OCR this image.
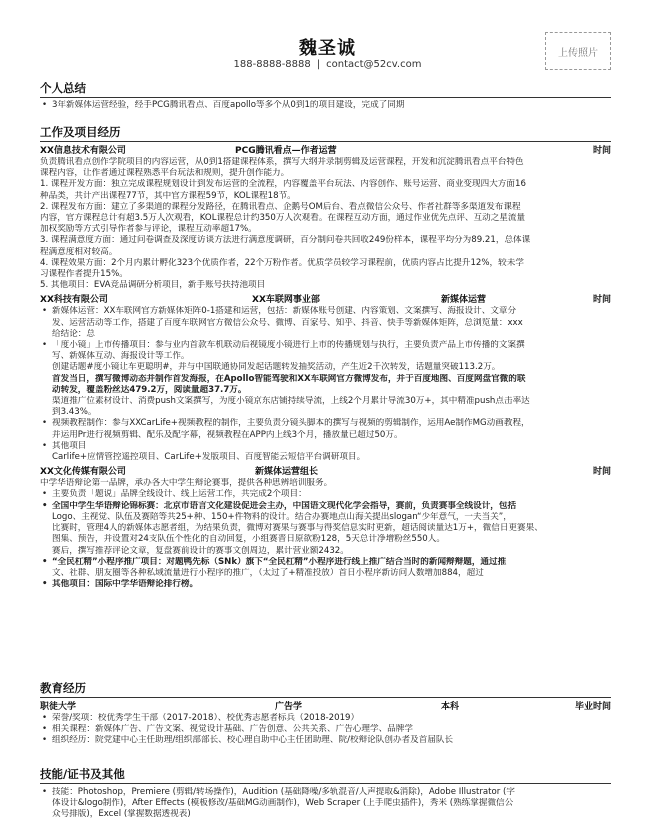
魏圣诚
188-8888-8888 | contact@52cv.com
上传照片
个人总结
• 3年新媒体运营经验，经手PCG腾讯看点、百度apollo等多个从0到1的项目建设，完成了同期
工作及项目经历
XX信息技术有限公司	PCG腾讯看点—作者运营	时间

负责腾讯看点创作学院项目的内容运营，从0到1搭建课程体系，撰写大纲并录制剪辑及运营课程，开发和沉淀腾讯看点平台特色

课程内容，让作者通过课程熟悉平台玩法和规则，提升创作能力。

1. 课程开发方面：独立完成课程规划设计到发布运营的全流程，内容覆盖平台玩法、内容创作、账号运营、商业变现四大方面16

种品类，共计产出课程77节，其中官方课程59节，KOL课程18节。

2. 课程发布方面：建立了多渠道的课程分发路径，在腾讯看点、企鹅号OM后台、看点微信公众号、作者社群等多渠道发布课程

内容，官方课程总计有超3.5万人次观看，KOL课程总计约350万人次观看。在课程互动方面，通过作业优先点评、互动之星流量

加权奖励等方式引导作者参与评论，课程互动率超17%。

3. 课程满意度方面：通过问卷调查及深度访谈方法进行满意度调研，百分制问卷共回收249份样本，课程平均分为89.21，总体课

程满意度相对较高。

4. 课程效果方面：2个月内累计孵化323个优质作者，22个万粉作者。优质学员较学习课程前，优质内容占比提升12%，较未学

习课程作者提升15%。

5. 其他项目：EVA竞品调研分析项目，新手账号扶持池项目

XX科技有限公司	XX车联网事业部	新媒体运营	时间
• 新媒体运营：XX车联网官方新媒体矩阵0-1搭建和运营，包括：新媒体账号创建、内容策划、文案撰写、海报设计、文章分
发、运营活动等工作，搭建了百度车联网官方微信公众号、微博、百家号、知乎、抖音、快手等新媒体矩阵，总浏览量：xxx
给结论：总
• 「度小镜」上市传播项目：参与业内首款车机联动后视镜度小镜进行上市的传播规划与执行，主要负责产品上市传播的文案撰
写、新媒体互动、海报设计等工作。
创建话题#度小镜让车更聪明#，并与中国联通协同发起话题转发抽奖活动，产生近2千次转发，话题量突破113.2万。
首发当日，撰写微博动态并制作首发海报，在Apollo智能驾驶和XX车联网官方微博发布，并于百度地图、百度网盘官微的联
动转发，覆盖粉丝达479.2万，阅读量超37.7万。
渠道推广位素材设计、消费push文案撰写，为度小镜京东店铺持续导流，上线2个月累计导流30万+，其中精准push点击率达
到3.43%。
• 视频教程制作：参与XXCarLife+视频教程的制作，主要负责分镜头脚本的撰写与视频的剪辑制作，运用Ae制作MG动画教程，
并运用Pr进行视频剪辑、配乐及配字幕，视频教程在APP内上线3个月，播放量已超过50万。
• 其他项目
Carlife+应情管控遥控项目、CarLife+发版项目、百度智能云短信平台调研项目。
XX文化传媒有限公司	新媒体运营组长	时间
中学华语辩论第一品牌，承办各大中学生辩论赛事，提供各种思辨培训服务。
• 主要负责「题说」品牌全线设计、线上运营工作，共完成2个项目：
• 全国中学生华语辩论锦标赛：北京市语言文化建设促进会主办，中国语文现代化学会指导，赛前，负责赛事全线设计，包括
Logo、主视觉、队伍及赛陪等共25+种、150+件物料的设计。结合办赛地点山海关提出slogan“少年意气，一夫当关”，
比赛时，管理4人的新媒体志愿者组，为结果负责，微博对赛果与赛事与得奖信息实时更新，超话阅读量达1万+，微信日更赛果、
图集、预告，并设置对24支队伍个性化的自动回复，小组赛晋日原欲粉128，5天总计净增粉丝550人。
赛后，撰写推荐评论文章，复盘赛前设计的赛事文创周边，累计营业额2432。
• “全民杠精”小程序推广项目：对题鸭先标（SNk）旗下“全民杠精”小程序进行线上推广结合当时的新闻辩辩题，通过推
文、社群、朋友圈等各种私域流量进行小程序的推广，（太过了+精准投放）首日小程序新访问人数增加884，超过
• 其他项目：国际中学华语辩论排行榜。
教育经历
职徒大学	广告学	本科	毕业时间
• 荣誉/奖项：校优秀学生干部（2017-2018）、校优秀志愿者标兵（2018-2019）
• 相关课程：新媒体广告、广告文案、视觉设计基础、广告创意、公共关系、广告心理学、品牌学
• 组织经历：院党建中心主任助理/组织部部长、校心理自助中心主任团助理、院/校辩论队创办者及首届队长
技能/证书及其他
• 技能：Photoshop，Premiere (剪辑/转场操作)，Audition (基础降噪/多轨混音/人声提取&消除)，Adobe Illustrator (字
体设计&logo制作)，After Effects (模板修改/基础MG动画制作)，Web Scraper (上手爬虫插件)，秀米 (熟练掌握微信公
众号排版)，Excel (掌握数据透视表)
